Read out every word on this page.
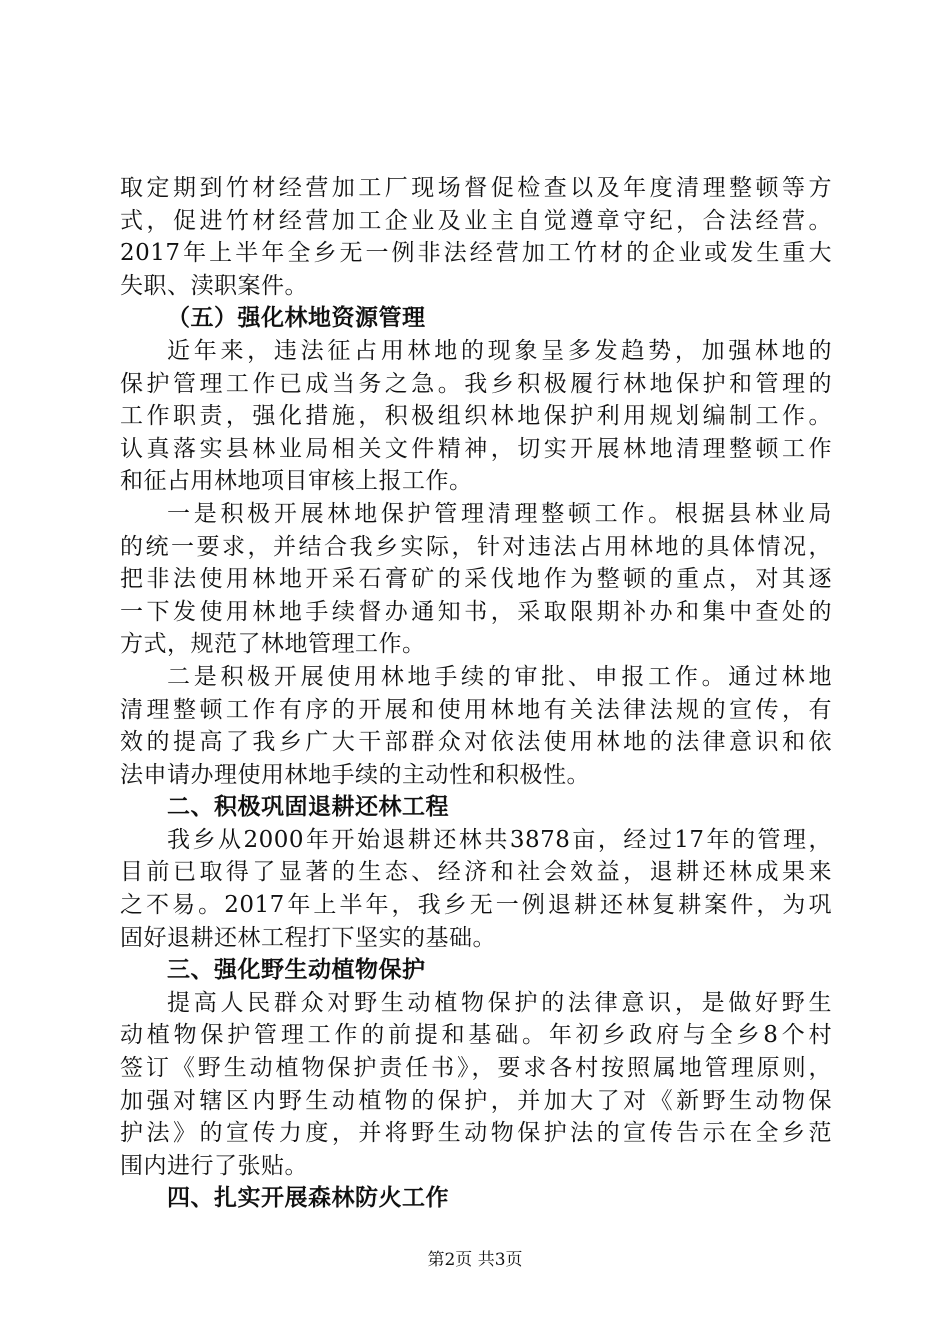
取定期到竹材经营加工厂现场督促检查以及年度清理整顿等方
式，促进竹材经营加工企业及业主自觉遵章守纪，合法经营。
2017年上半年全乡无一例非法经营加工竹材的企业或发生重大
失职、渎职案件。
（五）强化林地资源管理
近年来，违法征占用林地的现象呈多发趋势，加强林地的
保护管理工作已成当务之急。我乡积极履行林地保护和管理的
工作职责，强化措施，积极组织林地保护利用规划编制工作。
认真落实县林业局相关文件精神，切实开展林地清理整顿工作
和征占用林地项目审核上报工作。
一是积极开展林地保护管理清理整顿工作。根据县林业局
的统一要求，并结合我乡实际，针对违法占用林地的具体情况，
把非法使用林地开采石膏矿的采伐地作为整顿的重点，对其逐
一下发使用林地手续督办通知书，采取限期补办和集中查处的
方式，规范了林地管理工作。
二是积极开展使用林地手续的审批、申报工作。通过林地
清理整顿工作有序的开展和使用林地有关法律法规的宣传，有
效的提高了我乡广大干部群众对依法使用林地的法律意识和依
法申请办理使用林地手续的主动性和积极性。
二、积极巩固退耕还林工程
我乡从2000年开始退耕还林共3878亩，经过17年的管理，
目前已取得了显著的生态、经济和社会效益，退耕还林成果来
之不易。2017年上半年，我乡无一例退耕还林复耕案件，为巩
固好退耕还林工程打下坚实的基础。
三、强化野生动植物保护
提高人民群众对野生动植物保护的法律意识，是做好野生
动植物保护管理工作的前提和基础。年初乡政府与全乡8个村
签订《野生动植物保护责任书》，要求各村按照属地管理原则，
加强对辖区内野生动植物的保护，并加大了对《新野生动物保
护法》的宣传力度，并将野生动物保护法的宣传告示在全乡范
围内进行了张贴。
四、扎实开展森林防火工作
第2页 共3页
